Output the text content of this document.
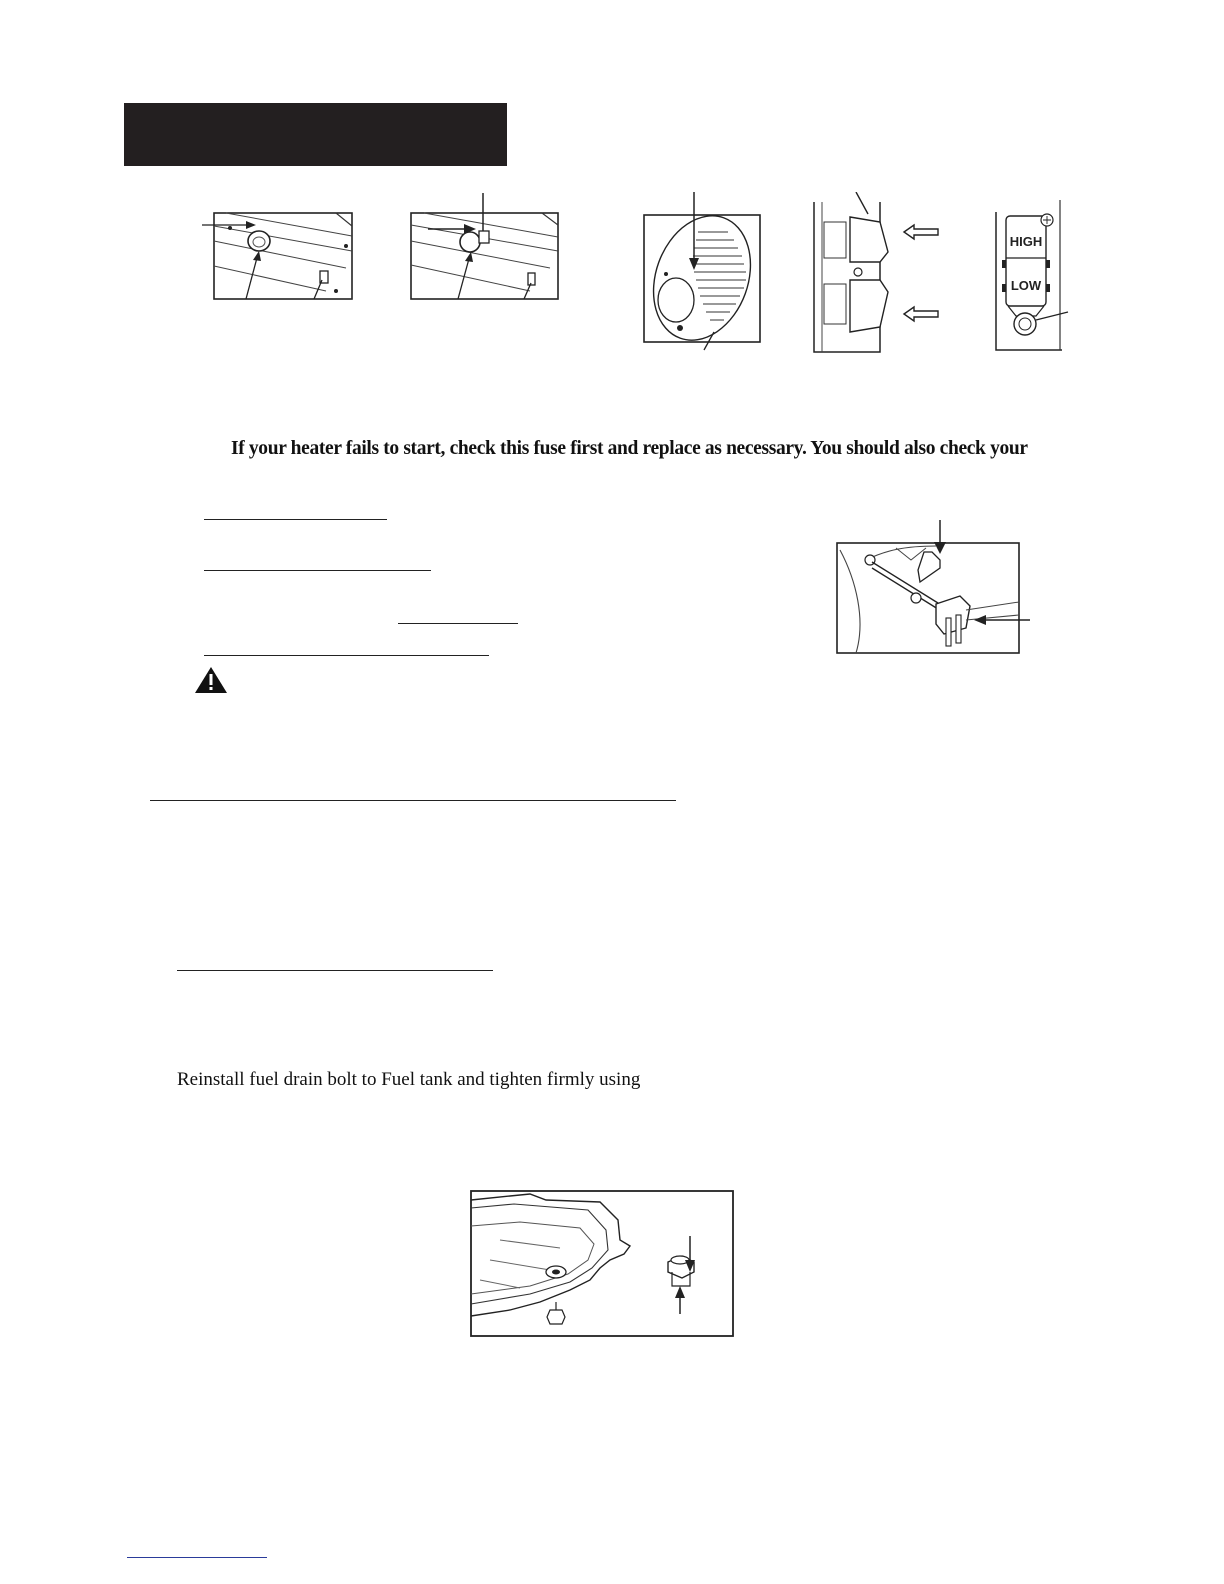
HIGH
LOW
If your heater fails to start, check this fuse first and replace as necessary. You should also check your
Reinstall fuel drain bolt to Fuel tank and tighten firmly using
